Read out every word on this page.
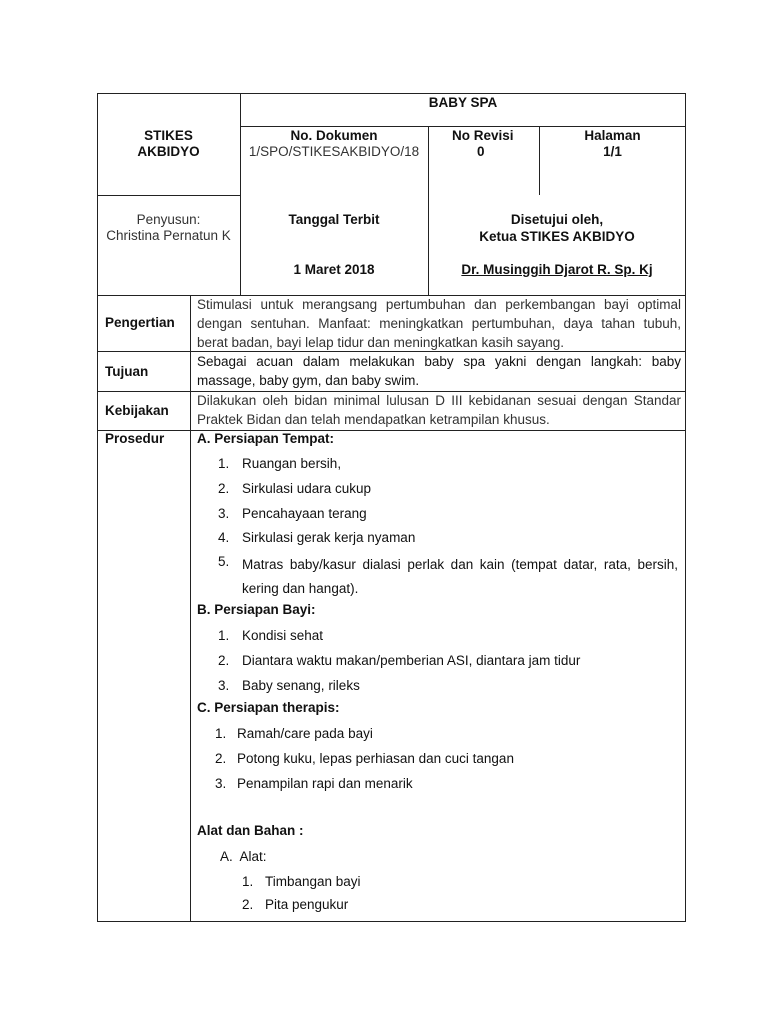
BABY SPA
STIKES
AKBIDYO
No. Dokumen
1/SPO/STIKESAKBIDYO/18
No Revisi
0
Halaman
1/1
Penyusun:
Christina Pernatun K
Tanggal Terbit
1 Maret 2018
Disetujui oleh,
Ketua STIKES AKBIDYO
Dr. Musinggih Djarot R. Sp. Kj
Pengertian
Stimulasi untuk merangsang pertumbuhan dan perkembangan bayi optimal dengan sentuhan. Manfaat: meningkatkan pertumbuhan, daya tahan tubuh, berat badan, bayi lelap tidur dan meningkatkan kasih sayang.
Tujuan
Sebagai acuan dalam melakukan baby spa yakni dengan langkah: baby massage, baby gym, dan baby swim.
Kebijakan
Dilakukan oleh bidan minimal lulusan D III kebidanan sesuai dengan Standar Praktek Bidan dan telah mendapatkan ketrampilan khusus.
Prosedur A. Persiapan Tempat:
1. Ruangan bersih,
2. Sirkulasi udara cukup
3. Pencahayaan terang
4. Sirkulasi gerak kerja nyaman
5. Matras baby/kasur dialasi perlak dan kain (tempat datar, rata, bersih, kering dan hangat).
B. Persiapan Bayi:
1. Kondisi sehat
2. Diantara waktu makan/pemberian ASI, diantara jam tidur
3. Baby senang, rileks
C. Persiapan therapis:
1. Ramah/care pada bayi
2. Potong kuku, lepas perhiasan dan cuci tangan
3. Penampilan rapi dan menarik
Alat dan Bahan :
A.  Alat:
1. Timbangan bayi
2. Pita pengukur
